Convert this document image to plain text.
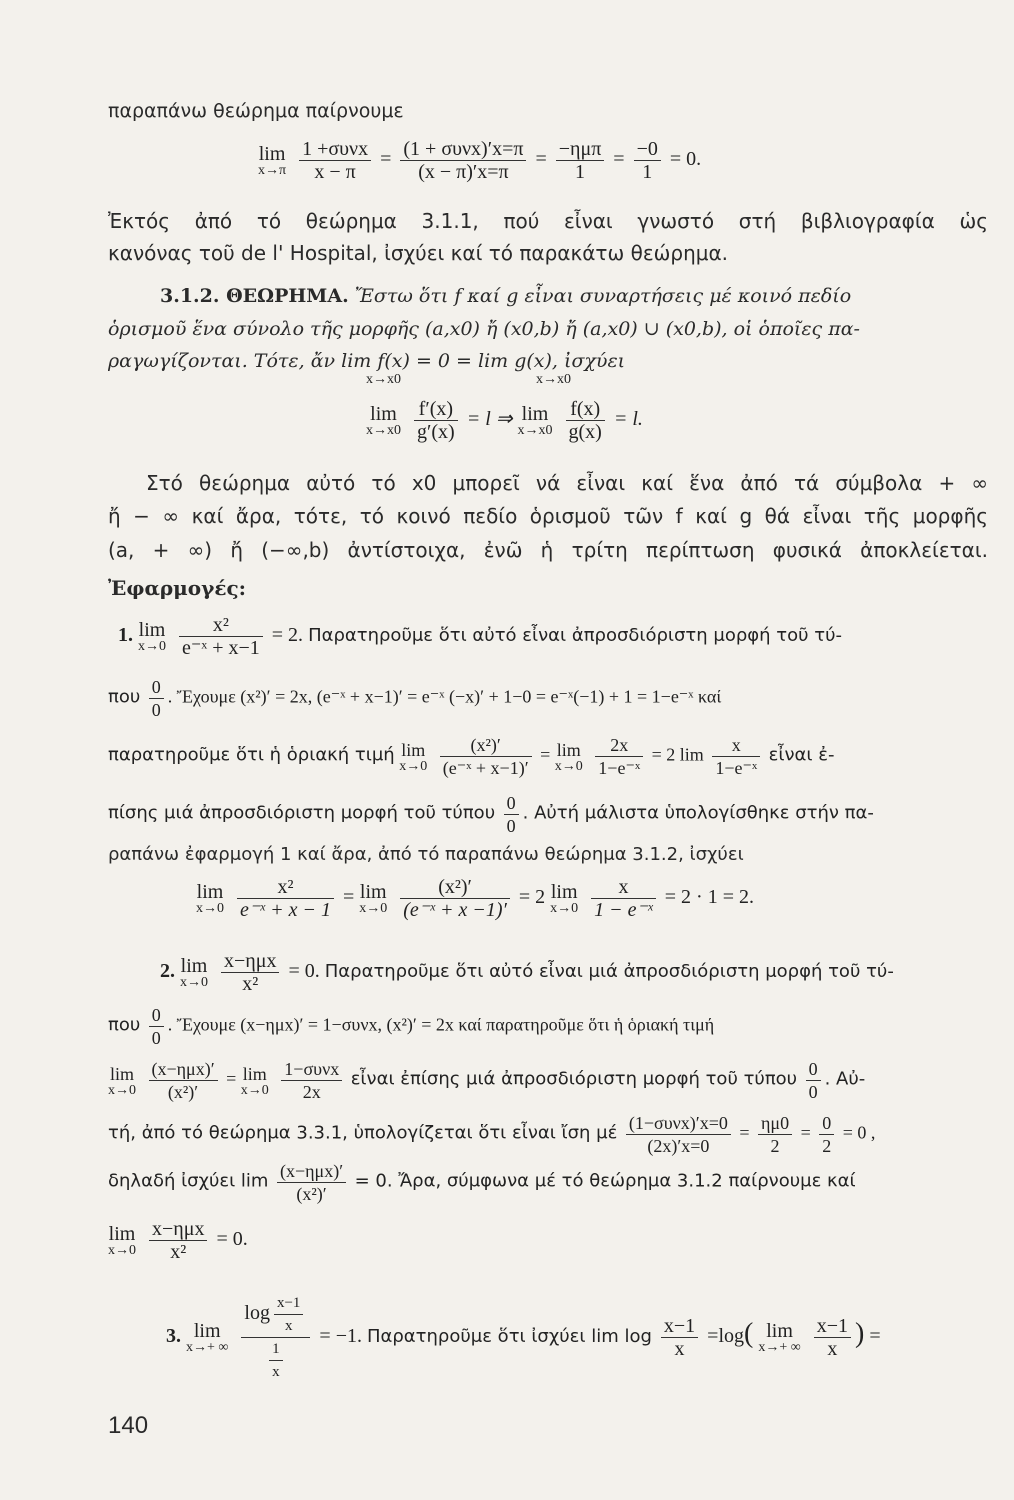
παραπάνω θεώρημα παίρνουμε
lim
x→π
$\frac{\text{1 +συνx}}{x - \pi} = \frac{\text{(1 + συνx)′x=π}}{(x - \pi)'x=\pi} = \frac{\text{−ημπ}}{1} = \frac{-0}{1} = 0$.
Ἐκτός ἀπό τό θεώρημα 3.1.1, πού εἶναι γνωστό στή βιβλιογραφία ὡς
κανόνας τοῦ de l' Hospital, ἰσχύει καί τό παρακάτω θεώρημα.
3.1.2. ΘΕΩΡΗΜΑ. Ἔστω ὅτι f καί g εἶναι συναρτήσεις μέ κοινό πεδίο
ὁρισμοῦ ἕνα σύνολο τῆς μορφῆς (a,x0) ἤ (x0,b) ἤ (a,x0) ∪ (x0,b), οἱ ὁποῖες πα-
ραγωγίζονται. Τότε, ἄν lim f(x) = 0 = lim g(x), ἰσχύει
x→x0	x→x0
lim
x→x0
$\frac{f'(x)}{g'(x)} = l$ ⇒ lim
x→x0
$\frac{f(x)}{g(x)} = l$.
Στό θεώρημα αὐτό τό x0 μπορεῖ νά εἶναι καί ἕνα ἀπό τά σύμβολα + ∞
ἤ − ∞ καί ἄρα, τότε, τό κοινό πεδίο ὁρισμοῦ τῶν f καί g θά εἶναι τῆς μορφῆς
(a, + ∞) ἤ (−∞,b) ἀντίστοιχα, ἐνῶ ἡ τρίτη περίπτωση φυσικά ἀποκλείεται.
Ἐφαρμογές:
1. lim
x→0
$\frac{\text{x²}}{\text{e⁻ˣ + x−1}} = 2$. Παρατηροῦμε ὅτι αὐτό εἶναι ἀπροσδιόριστη μορφή τοῦ τύ-
που $\frac{0}{0}$ . Ἔχουμε (x²)′ = 2x, (e⁻ˣ + x−1)′ = e⁻ˣ (−x)′ + 1−0 = e⁻ˣ(−1) + 1 = 1−e⁻ˣ καί
παρατηροῦμε ὅτι ἡ ὁριακή τιμή lim
x→0
$\frac{\text{(x²)′}}{\text{(e⁻ˣ + x−1)′}} = \lim$
x→0
$\frac{2x}{\text{1−e⁻ˣ}} = 2$ $\lim \frac{x}{\text{1−e⁻ˣ}}$ εἶναι ἐ-
πίσης μιά ἀπροσδιόριστη μορφή τοῦ τύπου $\frac{0}{0}$ . Αὐτή μάλιστα ὑπολογίσθηκε στήν πα-
ραπάνω ἐφαρμογή 1 καί ἄρα, ἀπό τό παραπάνω θεώρημα 3.1.2, ἰσχύει
lim
x→0
$\frac{\text{x²}}{\text{e⁻ˣ + x − 1}} = \lim$
x→0
$\frac{\text{(x²)′}}{\text{(e⁻ˣ + x −1)′}} = 2$ lim
x→0
$\frac{x}{\text{1 − e⁻ˣ}} = 2 \cdot 1 = 2$.
2. lim
x→0
$\frac{\text{x−ημx}}{\text{x²}} = 0$. Παρατηροῦμε ὅτι αὐτό εἶναι μιά ἀπροσδιόριστη μορφή τοῦ τύ-
που $\frac{0}{0}$ . Ἔχουμε (x−ημx)′ = 1−συνx, (x²)′ = 2x καί παρατηροῦμε ὅτι ἡ ὁριακή τιμή
lim
x→0
$\frac{\text{(x−ημx)′}}{\text{(x²)′}} = \lim$
x→0
$\frac{\text{1−συνx}}{2x}$ εἶναι ἐπίσης μιά ἀπροσδιόριστη μορφή τοῦ τύπου $\frac{0}{0}$ . Αὐ-
τή, ἀπό τό θεώρημα 3.3.1, ὑπολογίζεται ὅτι εἶναι ἴση μέ $\frac{\text{(1−συνx)′x=0}}{(2x)'x=0} = \frac{\eta\mu 0}{2} = \frac{0}{2} = 0$ ,
δηλαδή ἰσχύει $\lim \frac{\text{(x−ημx)′}}{\text{(x²)′}} = 0$. Ἄρα, σύμφωνα μέ τό θεώρημα 3.1.2 παίρνουμε καί
lim
x→0
$\frac{\text{x−ημx}}{\text{x²}} = 0$.
3. lim
x→+ ∞
$\frac{\log \frac{x-1}{x}}{\frac{1}{x}} = -1$. Παρατηροῦμε ὅτι ἰσχύει $\lim \log \frac{x-1}{x} =\log$( lim
x→+ ∞
$\frac{x-1}{x}$ ) =
140
